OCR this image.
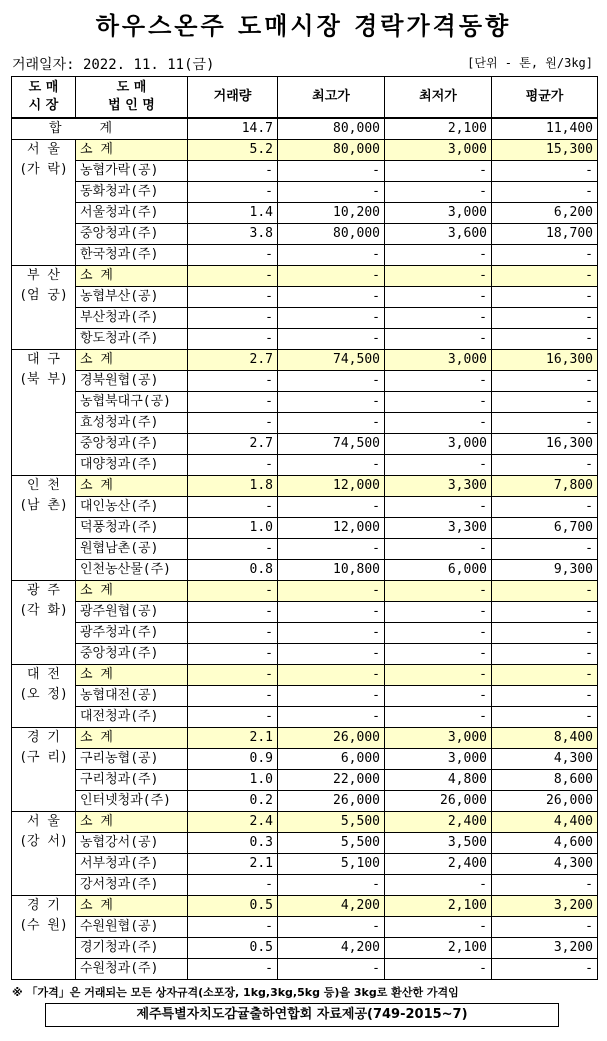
하우스온주 도매시장 경락가격동향
거래일자: 2022. 11. 11(금)	[단위 - 톤, 원/3kg]
도 매
시 장	도 매
법 인 명	거래량	최고가	최저가	평균가
합계		14.7	80,000	2,100	11,400

서 울
(가 락)	소 계	5.2	80,000	3,000	15,300
	농협가락(공)	-	-	-	-
	동화청과(주)	-	-	-	-
	서울청과(주)	1.4	10,200	3,000	6,200
	중앙청과(주)	3.8	80,000	3,600	18,700
	한국청과(주)	-	-	-	-

부 산
(엄 궁)	소 계	-	-	-	-
	농협부산(공)	-	-	-	-
	부산청과(주)	-	-	-	-
	항도청과(주)	-	-	-	-

대 구
(북 부)	소 계	2.7	74,500	3,000	16,300
	경북원협(공)	-	-	-	-
	농협북대구(공)	-	-	-	-
	효성청과(주)	-	-	-	-
	중앙청과(주)	2.7	74,500	3,000	16,300
	대양청과(주)	-	-	-	-

인 천
(남 촌)	소 계	1.8	12,000	3,300	7,800
	대인농산(주)	-	-	-	-
	덕풍청과(주)	1.0	12,000	3,300	6,700
	원협남촌(공)	-	-	-	-
	인천농산물(주)	0.8	10,800	6,000	9,300

광 주
(각 화)	소 계	-	-	-	-
	광주원협(공)	-	-	-	-
	광주청과(주)	-	-	-	-
	중앙청과(주)	-	-	-	-

대 전
(오 정)	소 계	-	-	-	-
	농협대전(공)	-	-	-	-
	대전청과(주)	-	-	-	-

경 기
(구 리)	소 계	2.1	26,000	3,000	8,400
	구리농협(공)	0.9	6,000	3,000	4,300
	구리청과(주)	1.0	22,000	4,800	8,600
	인터넷청과(주)	0.2	26,000	26,000	26,000

서 울
(강 서)	소 계	2.4	5,500	2,400	4,400
	농협강서(공)	0.3	5,500	3,500	4,600
	서부청과(주)	2.1	5,100	2,400	4,300
	강서청과(주)	-	-	-	-

경 기
(수 원)	소 계	0.5	4,200	2,100	3,200
	수원원협(공)	-	-	-	-
	경기청과(주)	0.5	4,200	2,100	3,200
	수원청과(주)	-	-	-	-
※ 「가격」은 거래되는 모든 상자규격(소포장, 1kg,3kg,5kg 등)을 3kg로 환산한 가격임
제주특별자치도감귤출하연합회 자료제공(749-2015~7)
